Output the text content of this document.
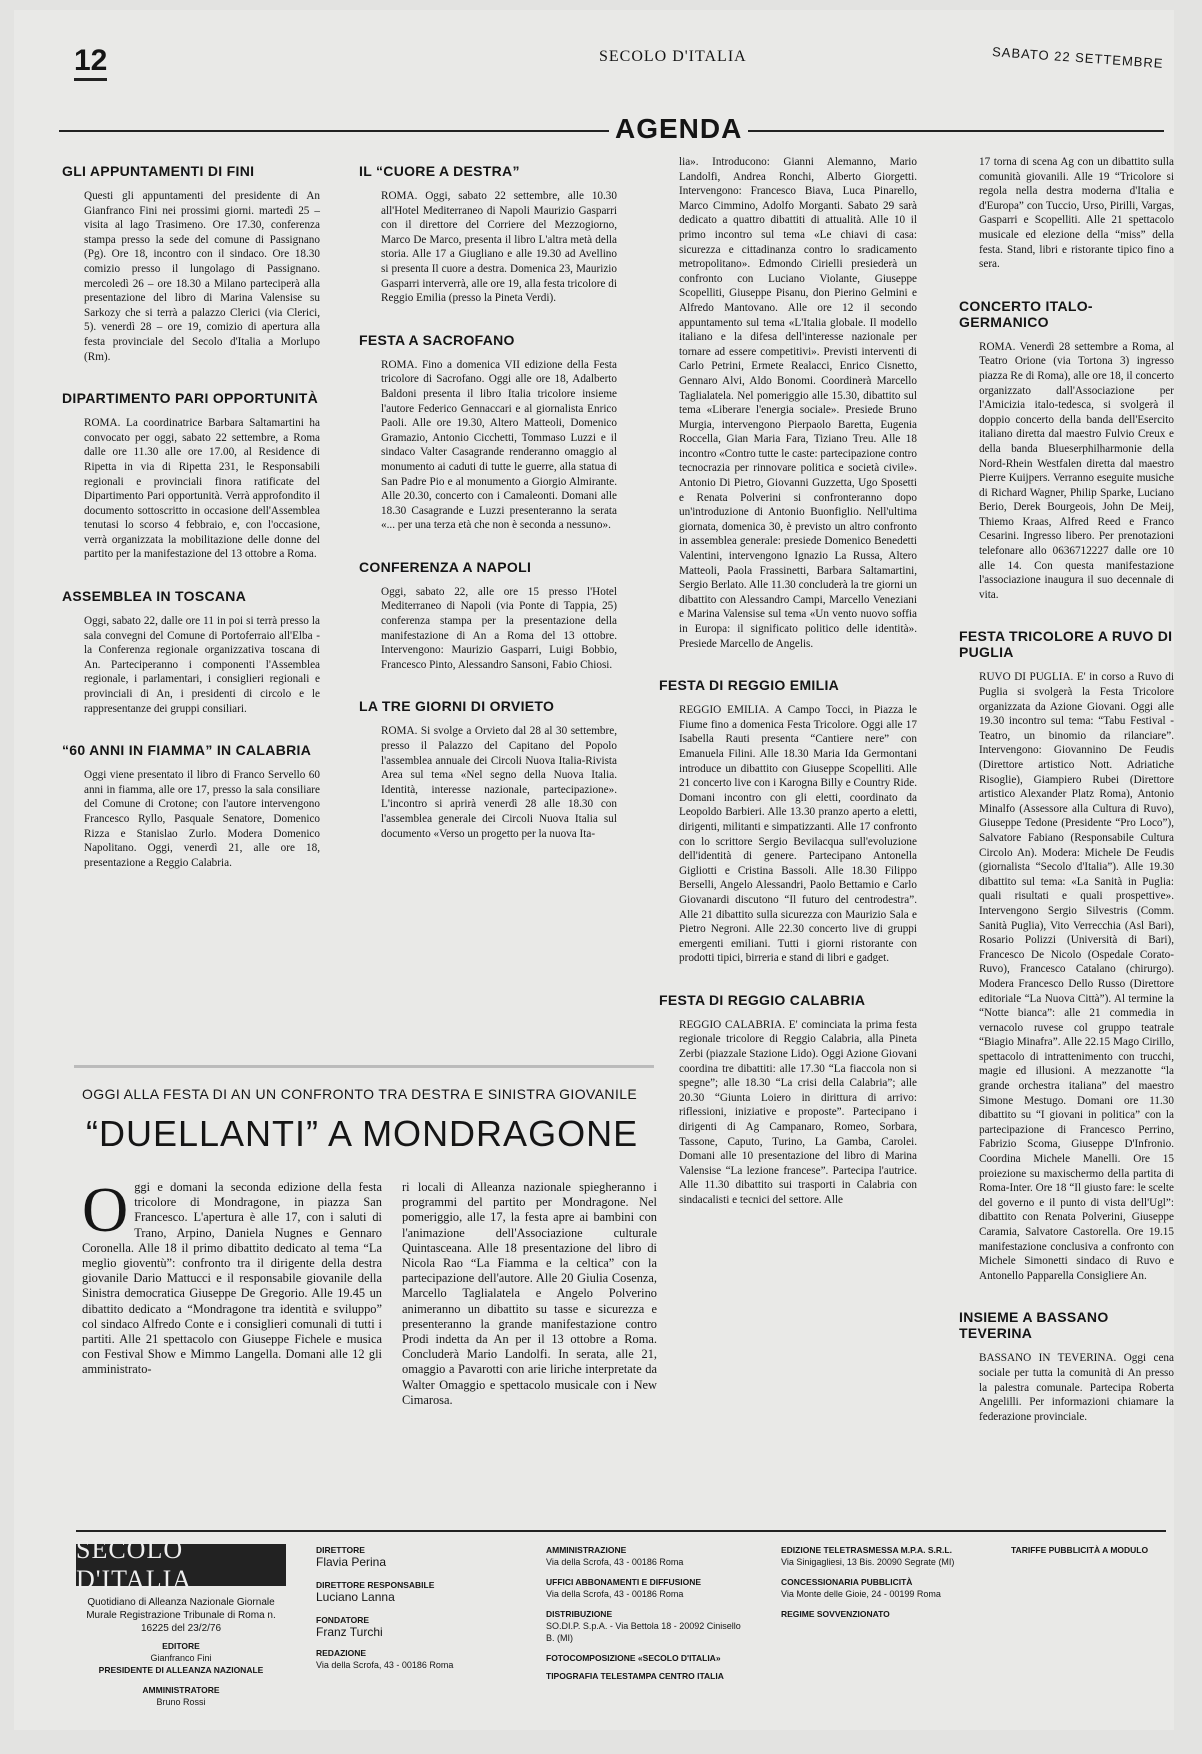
12	SECOLO D'ITALIA	SABATO 22 SETTEMBRE
AGENDA
GLI APPUNTAMENTI DI FINI
Questi gli appuntamenti del presidente di An Gianfranco Fini nei prossimi giorni. martedì 25 – visita al lago Trasimeno. Ore 17.30, conferenza stampa presso la sede del comune di Passignano (Pg). Ore 18, incontro con il sindaco. Ore 18.30 comizio presso il lungolago di Passignano. mercoledì 26 – ore 18.30 a Milano parteciperà alla presentazione del libro di Marina Valensise su Sarkozy che si terrà a palazzo Clerici (via Clerici, 5). venerdì 28 – ore 19, comizio di apertura alla festa provinciale del Secolo d'Italia a Morlupo (Rm).
DIPARTIMENTO PARI OPPORTUNITÀ
ROMA. La coordinatrice Barbara Saltamartini ha convocato per oggi, sabato 22 settembre, a Roma dalle ore 11.30 alle ore 17.00, al Residence di Ripetta in via di Ripetta 231, le Responsabili regionali e provinciali finora ratificate del Dipartimento Pari opportunità. Verrà approfondito il documento sottoscritto in occasione dell'Assemblea tenutasi lo scorso 4 febbraio, e, con l'occasione, verrà organizzata la mobilitazione delle donne del partito per la manifestazione del 13 ottobre a Roma.
ASSEMBLEA IN TOSCANA
Oggi, sabato 22, dalle ore 11 in poi si terrà presso la sala convegni del Comune di Portoferraio all'Elba - la Conferenza regionale organizzativa toscana di An. Parteciperanno i componenti l'Assemblea regionale, i parlamentari, i consiglieri regionali e provinciali di An, i presidenti di circolo e le rappresentanze dei gruppi consiliari.
“60 ANNI IN FIAMMA” IN CALABRIA
Oggi viene presentato il libro di Franco Servello 60 anni in fiamma, alle ore 17, presso la sala consiliare del Comune di Crotone; con l'autore intervengono Francesco Ryllo, Pasquale Senatore, Domenico Rizza e Stanislao Zurlo. Modera Domenico Napolitano. Oggi, venerdì 21, alle ore 18, presentazione a Reggio Calabria.
IL “CUORE A DESTRA”
ROMA. Oggi, sabato 22 settembre, alle 10.30 all'Hotel Mediterraneo di Napoli Maurizio Gasparri con il direttore del Corriere del Mezzogiorno, Marco De Marco, presenta il libro L'altra metà della storia. Alle 17 a Giugliano e alle 19.30 ad Avellino si presenta Il cuore a destra. Domenica 23, Maurizio Gasparri interverrà, alle ore 19, alla festa tricolore di Reggio Emilia (presso la Pineta Verdi).
FESTA A SACROFANO
ROMA. Fino a domenica VII edizione della Festa tricolore di Sacrofano. Oggi alle ore 18, Adalberto Baldoni presenta il libro Italia tricolore insieme l'autore Federico Gennaccari e al giornalista Enrico Paoli. Alle ore 19.30, Altero Matteoli, Domenico Gramazio, Antonio Cicchetti, Tommaso Luzzi e il sindaco Valter Casagrande renderanno omaggio al monumento ai caduti di tutte le guerre, alla statua di San Padre Pio e al monumento a Giorgio Almirante. Alle 20.30, concerto con i Camaleonti. Domani alle 18.30 Casagrande e Luzzi presenteranno la serata «... per una terza età che non è seconda a nessuno».
CONFERENZA A NAPOLI
Oggi, sabato 22, alle ore 15 presso l'Hotel Mediterraneo di Napoli (via Ponte di Tappia, 25) conferenza stampa per la presentazione della manifestazione di An a Roma del 13 ottobre. Intervengono: Maurizio Gasparri, Luigi Bobbio, Francesco Pinto, Alessandro Sansoni, Fabio Chiosi.
LA TRE GIORNI DI ORVIETO
ROMA. Si svolge a Orvieto dal 28 al 30 settembre, presso il Palazzo del Capitano del Popolo l'assemblea annuale dei Circoli Nuova Italia-Rivista Area sul tema «Nel segno della Nuova Italia. Identità, interesse nazionale, partecipazione». L'incontro si aprirà venerdì 28 alle 18.30 con l'assemblea generale dei Circoli Nuova Italia sul documento «Verso un progetto per la nuova Ita-
lia». Introducono: Gianni Alemanno, Mario Landolfi, Andrea Ronchi, Alberto Giorgetti. Intervengono: Francesco Biava, Luca Pinarello, Marco Cimmino, Adolfo Morganti. Sabato 29 sarà dedicato a quattro dibattiti di attualità. Alle 10 il primo incontro sul tema «Le chiavi di casa: sicurezza e cittadinanza contro lo sradicamento metropolitano». Edmondo Cirielli presiederà un confronto con Luciano Violante, Giuseppe Scopelliti, Giuseppe Pisanu, don Pierino Gelmini e Alfredo Mantovano. Alle ore 12 il secondo appuntamento sul tema «L'Italia globale. Il modello italiano e la difesa dell'interesse nazionale per tornare ad essere competitivi». Previsti interventi di Carlo Petrini, Ermete Realacci, Enrico Cisnetto, Gennaro Alvi, Aldo Bonomi. Coordinerà Marcello Taglialatela. Nel pomeriggio alle 15.30, dibattito sul tema «Liberare l'energia sociale». Presiede Bruno Murgia, intervengono Pierpaolo Baretta, Eugenia Roccella, Gian Maria Fara, Tiziano Treu. Alle 18 incontro «Contro tutte le caste: partecipazione contro tecnocrazia per rinnovare politica e società civile». Antonio Di Pietro, Giovanni Guzzetta, Ugo Sposetti e Renata Polverini si confronteranno dopo un'introduzione di Antonio Buonfiglio. Nell'ultima giornata, domenica 30, è previsto un altro confronto in assemblea generale: presiede Domenico Benedetti Valentini, intervengono Ignazio La Russa, Altero Matteoli, Paola Frassinetti, Barbara Saltamartini, Sergio Berlato. Alle 11.30 concluderà la tre giorni un dibattito con Alessandro Campi, Marcello Veneziani e Marina Valensise sul tema «Un vento nuovo soffia in Europa: il significato politico delle identità». Presiede Marcello de Angelis.
FESTA DI REGGIO EMILIA
REGGIO EMILIA. A Campo Tocci, in Piazza le Fiume fino a domenica Festa Tricolore. Oggi alle 17 Isabella Rauti presenta “Cantiere nere” con Emanuela Filini. Alle 18.30 Maria Ida Germontani introduce un dibattito con Giuseppe Scopelliti. Alle 21 concerto live con i Karogna Billy e Country Ride. Domani incontro con gli eletti, coordinato da Leopoldo Barbieri. Alle 13.30 pranzo aperto a eletti, dirigenti, militanti e simpatizzanti. Alle 17 confronto con lo scrittore Sergio Bevilacqua sull'evoluzione dell'identità di genere. Partecipano Antonella Gigliotti e Cristina Bassoli. Alle 18.30 Filippo Berselli, Angelo Alessandri, Paolo Bettamio e Carlo Giovanardi discutono “Il futuro del centrodestra”. Alle 21 dibattito sulla sicurezza con Maurizio Sala e Pietro Negroni. Alle 22.30 concerto live di gruppi emergenti emiliani. Tutti i giorni ristorante con prodotti tipici, birreria e stand di libri e gadget.
FESTA DI REGGIO CALABRIA
REGGIO CALABRIA. E' cominciata la prima festa regionale tricolore di Reggio Calabria, alla Pineta Zerbi (piazzale Stazione Lido). Oggi Azione Giovani coordina tre dibattiti: alle 17.30 “La fiaccola non si spegne”; alle 18.30 “La crisi della Calabria”; alle 20.30 “Giunta Loiero in dirittura di arrivo: riflessioni, iniziative e proposte”. Partecipano i dirigenti di Ag Campanaro, Romeo, Sorbara, Tassone, Caputo, Turino, La Gamba, Carolei. Domani alle 10 presentazione del libro di Marina Valensise “La lezione francese”. Partecipa l'autrice. Alle 11.30 dibattito sui trasporti in Calabria con sindacalisti e tecnici del settore. Alle
17 torna di scena Ag con un dibattito sulla comunità giovanili. Alle 19 “Tricolore si regola nella destra moderna d'Italia e d'Europa” con Tuccio, Urso, Pirilli, Vargas, Gasparri e Scopelliti. Alle 21 spettacolo musicale ed elezione della “miss” della festa. Stand, libri e ristorante tipico fino a sera.
CONCERTO ITALO-GERMANICO
ROMA. Venerdì 28 settembre a Roma, al Teatro Orione (via Tortona 3) ingresso piazza Re di Roma), alle ore 18, il concerto organizzato dall'Associazione per l'Amicizia italo-tedesca, si svolgerà il doppio concerto della banda dell'Esercito italiano diretta dal maestro Fulvio Creux e della banda Blueserphilharmonie della Nord-Rhein Westfalen diretta dal maestro Pierre Kuijpers. Verranno eseguite musiche di Richard Wagner, Philip Sparke, Luciano Berio, Derek Bourgeois, John De Meij, Thiemo Kraas, Alfred Reed e Franco Cesarini. Ingresso libero. Per prenotazioni telefonare allo 0636712227 dalle ore 10 alle 14. Con questa manifestazione l'associazione inaugura il suo decennale di vita.
FESTA TRICOLORE A RUVO DI PUGLIA
RUVO DI PUGLIA. E' in corso a Ruvo di Puglia si svolgerà la Festa Tricolore organizzata da Azione Giovani. Oggi alle 19.30 incontro sul tema: “Tabu Festival - Teatro, un binomio da rilanciare”. Intervengono: Giovannino De Feudis (Direttore artistico Nott. Adriatiche Risoglie), Giampiero Rubei (Direttore artistico Alexander Platz Roma), Antonio Minalfo (Assessore alla Cultura di Ruvo), Giuseppe Tedone (Presidente “Pro Loco”), Salvatore Fabiano (Responsabile Cultura Circolo An). Modera: Michele De Feudis (giornalista “Secolo d'Italia”). Alle 19.30 dibattito sul tema: «La Sanità in Puglia: quali risultati e quali prospettive». Intervengono Sergio Silvestris (Comm. Sanità Puglia), Vito Verrecchia (Asl Bari), Rosario Polizzi (Università di Bari), Francesco De Nicolo (Ospedale Corato-Ruvo), Francesco Catalano (chirurgo). Modera Francesco Dello Russo (Direttore editoriale “La Nuova Città”). Al termine la “Notte bianca”: alle 21 commedia in vernacolo ruvese col gruppo teatrale “Biagio Minafra”. Alle 22.15 Mago Cirillo, spettacolo di intrattenimento con trucchi, magie ed illusioni. A mezzanotte “la grande orchestra italiana” del maestro Simone Mestugo. Domani ore 11.30 dibattito su “I giovani in politica” con la partecipazione di Francesco Perrino, Fabrizio Scoma, Giuseppe D'Infronio. Coordina Michele Manelli. Ore 15 proiezione su maxischermo della partita di Roma-Inter. Ore 18 “Il giusto fare: le scelte del governo e il punto di vista dell'Ugl”: dibattito con Renata Polverini, Giuseppe Caramia, Salvatore Castorella. Ore 19.15 manifestazione conclusiva a confronto con Michele Simonetti sindaco di Ruvo e Antonello Papparella Consigliere An.
INSIEME A BASSANO TEVERINA
BASSANO IN TEVERINA. Oggi cena sociale per tutta la comunità di An presso la palestra comunale. Partecipa Roberta Angelilli. Per informazioni chiamare la federazione provinciale.
OGGI ALLA FESTA DI AN UN CONFRONTO TRA DESTRA E SINISTRA GIOVANILE
“DUELLANTI” A MONDRAGONE
Oggi e domani la seconda edizione della festa tricolore di Mondragone, in piazza San Francesco. L'apertura è alle 17, con i saluti di Trano, Arpino, Daniela Nugnes e Gennaro Coronella. Alle 18 il primo dibattito dedicato al tema “La meglio gioventù”: confronto tra il dirigente della destra giovanile Dario Mattucci e il responsabile giovanile della Sinistra democratica Giuseppe De Gregorio. Alle 19.45 un dibattito dedicato a “Mondragone tra identità e sviluppo” col sindaco Alfredo Conte e i consiglieri comunali di tutti i partiti. Alle 21 spettacolo con Giuseppe Fichele e musica con Festival Show e Mimmo Langella. Domani alle 12 gli amministrato-
ri locali di Alleanza nazionale spiegheranno i programmi del partito per Mondragone. Nel pomeriggio, alle 17, la festa apre ai bambini con l'animazione dell'Associazione culturale Quintasceana. Alle 18 presentazione del libro di Nicola Rao “La Fiamma e la celtica” con la partecipazione dell'autore. Alle 20 Giulia Cosenza, Marcello Taglialatela e Angelo Polverino animeranno un dibattito su tasse e sicurezza e presenteranno la grande manifestazione contro Prodi indetta da An per il 13 ottobre a Roma. Concluderà Mario Landolfi. In serata, alle 21, omaggio a Pavarotti con arie liriche interpretate da Walter Omaggio e spettacolo musicale con i New Cimarosa.
SECOLO D'ITALIA
Quotidiano di Alleanza Nazionale Giornale Murale Registrazione Tribunale di Roma n. 16225 del 23/2/76
EDITORE
Gianfranco Fini

PRESIDENTE DI ALLEANZA NAZIONALE
AMMINISTRATORE
Bruno Rossi
DIRETTORE
Flavia Perina
DIRETTORE RESPONSABILE
Luciano Lanna
FONDATORE
Franz Turchi
REDAZIONE
Via della Scrofa, 43 - 00186 Roma
AMMINISTRAZIONE
Via della Scrofa, 43 - 00186 Roma
UFFICI ABBONAMENTI E DIFFUSIONE
Via della Scrofa, 43 - 00186 Roma
DISTRIBUZIONE
SO.DI.P. S.p.A. - Via Bettola 18 - 20092 Cinisello B. (MI)
FOTOCOMPOSIZIONE «SECOLO D'ITALIA»
TIPOGRAFIA TELESTAMPA CENTRO ITALIA
EDIZIONE TELETRASMESSA M.P.A. S.R.L.
Via Sinigagliesi, 13 Bis. 20090 Segrate (MI)
CONCESSIONARIA PUBBLICITÀ
Via Monte delle Gioie, 24 - 00199 Roma
REGIME SOVVENZIONATO
TARIFFE PUBBLICITÀ A MODULO
